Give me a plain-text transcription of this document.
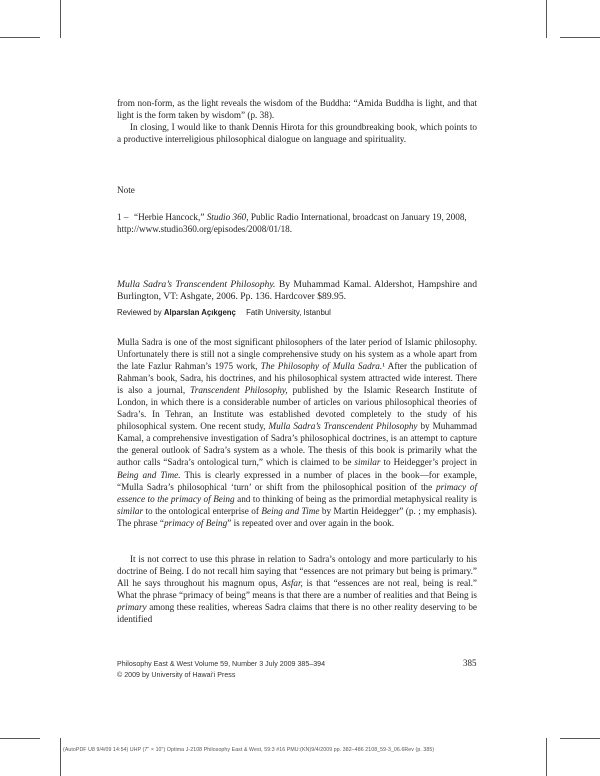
from non-form, as the light reveals the wisdom of the Buddha: “Amida Buddha is light, and that light is the form taken by wisdom” (p. 38).

In closing, I would like to thank Dennis Hirota for this groundbreaking book, which points to a productive interreligious philosophical dialogue on language and spirituality.

Note
1 – “Herbie Hancock,” Studio 360, Public Radio International, broadcast on January 19, 2008, http://www.studio360.org/episodes/2008/01/18.
Mulla Sadra’s Transcendent Philosophy. By Muhammad Kamal. Aldershot, Hampshire and Burlington, VT: Ashgate, 2006. Pp. 136. Hardcover $89.95.
Reviewed by Alparslan Açıkgenç Fatih University, Istanbul

Mulla Sadra is one of the most significant philosophers of the later period of Islamic philosophy. Unfortunately there is still not a single comprehensive study on his system as a whole apart from the late Fazlur Rahman’s 1975 work, The Philosophy of Mulla Sadra.¹ After the publication of Rahman’s book, Sadra, his doctrines, and his philosophical system attracted wide interest. There is also a journal, Transcendent Philosophy, published by the Islamic Research Institute of London, in which there is a considerable number of articles on various philosophical theories of Sadra’s. In Tehran, an Institute was established devoted completely to the study of his philosophical system. One recent study, Mulla Sadra’s Transcendent Philosophy by Muhammad Kamal, a comprehensive investigation of Sadra’s philosophical doctrines, is an attempt to capture the general outlook of Sadra’s system as a whole. The thesis of this book is primarily what the author calls “Sadra’s ontological turn,” which is claimed to be similar to Heidegger’s project in Being and Time. This is clearly expressed in a number of places in the book—for example, “Mulla Sadra’s philosophical ‘turn’ or shift from the philosophical position of the primacy of essence to the primacy of Being and to thinking of being as the primordial metaphysical reality is similar to the ontological enterprise of Being and Time by Martin Heidegger” (p. ; my emphasis). The phrase “primacy of Being” is repeated over and over again in the book.

It is not correct to use this phrase in relation to Sadra’s ontology and more particularly to his doctrine of Being. I do not recall him saying that “essences are not primary but being is primary.” All he says throughout his magnum opus, Asfar, is that “essences are not real, being is real.” What the phrase “primacy of being” means is that there are a number of realities and that Being is primary among these realities, whereas Sadra claims that there is no other reality deserving to be identified

Philosophy East & West Volume 59, Number 3 July 2009 385–394
© 2009 by University of Hawai‘i Press
385
(AutoPDF U8 9/4/09 14:54) UHP (7" × 10") Optima J-2108 Philosophy East & West, 59:3 #16 PMU:(KN)9/4/2009 pp. 382–486 2108_59-3_06.6Rev (p. 385)
